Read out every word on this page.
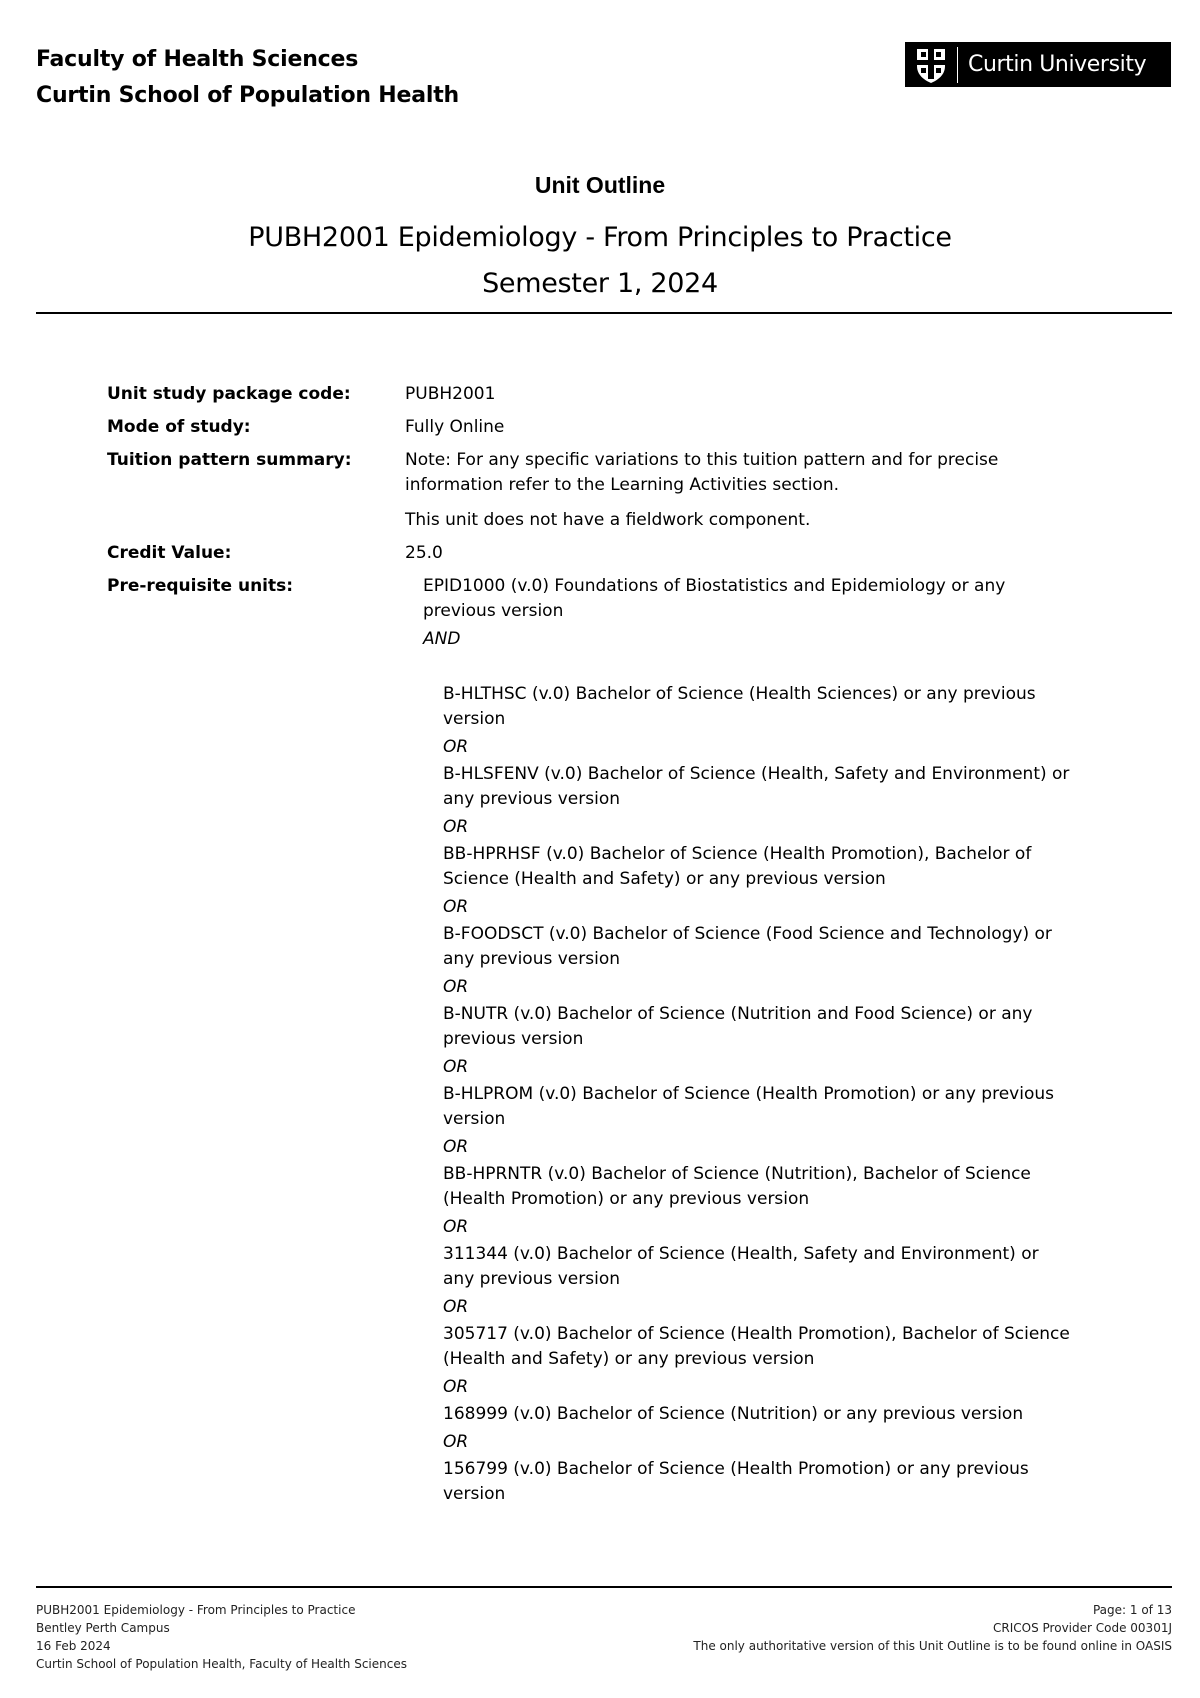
Faculty of Health Sciences
Curtin School of Population Health
Curtin University
Unit Outline
PUBH2001 Epidemiology - From Principles to Practice
Semester 1, 2024
Unit study package code:	PUBH2001
Mode of study:	Fully Online
Tuition pattern summary:	Note: For any specific variations to this tuition pattern and for precise information refer to the Learning Activities section.

This unit does not have a fieldwork component.

Credit Value:	25.0
Pre-requisite units:	EPID1000 (v.0) Foundations of Biostatistics and Epidemiology or any previous version
AND
B-HLTHSC (v.0) Bachelor of Science (Health Sciences) or any previous version
OR
B-HLSFENV (v.0) Bachelor of Science (Health, Safety and Environment) or any previous version
OR
BB-HPRHSF (v.0) Bachelor of Science (Health Promotion), Bachelor of Science (Health and Safety) or any previous version
OR
B-FOODSCT (v.0) Bachelor of Science (Food Science and Technology) or any previous version
OR
B-NUTR (v.0) Bachelor of Science (Nutrition and Food Science) or any previous version
OR
B-HLPROM (v.0) Bachelor of Science (Health Promotion) or any previous version
OR
BB-HPRNTR (v.0) Bachelor of Science (Nutrition), Bachelor of Science (Health Promotion) or any previous version
OR
311344 (v.0) Bachelor of Science (Health, Safety and Environment) or any previous version
OR
305717 (v.0) Bachelor of Science (Health Promotion), Bachelor of Science (Health and Safety) or any previous version
OR
168999 (v.0) Bachelor of Science (Nutrition) or any previous version
OR
156799 (v.0) Bachelor of Science (Health Promotion) or any previous version
PUBH2001 Epidemiology - From Principles to Practice
Bentley Perth Campus
16 Feb 2024
Curtin School of Population Health, Faculty of Health Sciences
Page: 1 of 13
CRICOS Provider Code 00301J
The only authoritative version of this Unit Outline is to be found online in OASIS
